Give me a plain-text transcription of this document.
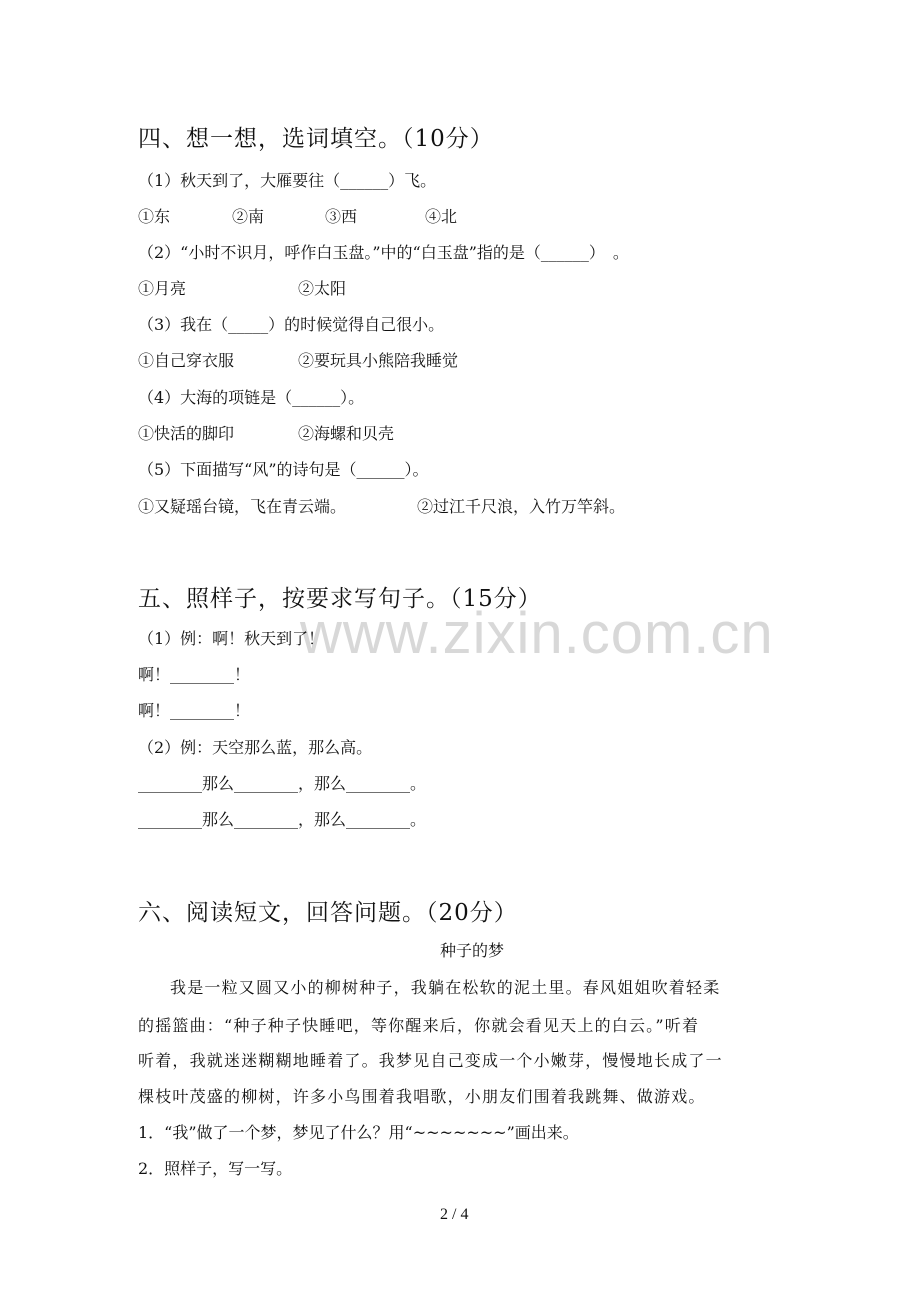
www.zixin.com.cn
四、想一想，选词填空。（10分）
（1）秋天到了，大雁要往（______）飞。
①东	②南	③西	④北
（2）“小时不识月，呼作白玉盘。”中的“白玉盘”指的是（______）　。
①月亮	②太阳
（3）我在（_____）的时候觉得自己很小。
①自己穿衣服	②要玩具小熊陪我睡觉
（4）大海的项链是（______）。
①快活的脚印	②海螺和贝壳
（5）下面描写“风”的诗句是（______）。
①又疑瑶台镜，飞在青云端。	②过江千尺浪，入竹万竿斜。
五、照样子，按要求写句子。（15分）
（1）例：啊！秋天到了！
啊！________！
啊！________！
（2）例：天空那么蓝，那么高。
________那么________，那么________。
________那么________，那么________。
六、阅读短文，回答问题。（20分）
种子的梦
我是一粒又圆又小的柳树种子，我躺在松软的泥土里。春风姐姐吹着轻柔
的摇篮曲：“种子种子快睡吧，等你醒来后，你就会看见天上的白云。”听着
听着，我就迷迷糊糊地睡着了。我梦见自己变成一个小嫩芽，慢慢地长成了一
棵枝叶茂盛的柳树，许多小鸟围着我唱歌，小朋友们围着我跳舞、做游戏。
1．“我”做了一个梦，梦见了什么？用“~~~~~~~”画出来。
2．照样子，写一写。
2 / 4
